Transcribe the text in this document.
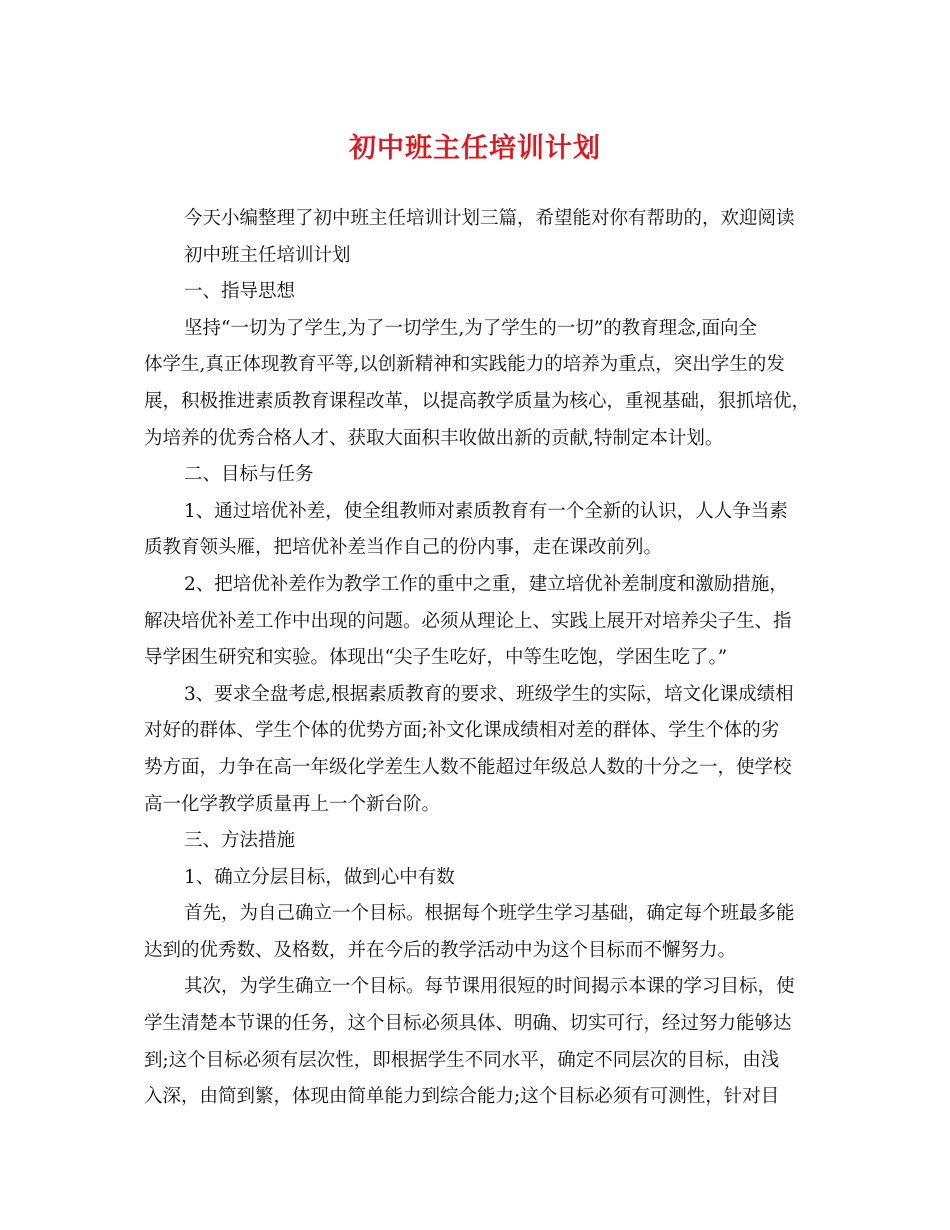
初中班主任培训计划
今天小编整理了初中班主任培训计划三篇，希望能对你有帮助的，欢迎阅读
初中班主任培训计划
一、指导思想
坚持“一切为了学生,为了一切学生,为了学生的一切”的教育理念,面向全
体学生,真正体现教育平等,以创新精神和实践能力的培养为重点，突出学生的发
展，积极推进素质教育课程改革，以提高教学质量为核心，重视基础，狠抓培优，
为培养的优秀合格人才、获取大面积丰收做出新的贡献,特制定本计划。
二、目标与任务
1、通过培优补差，使全组教师对素质教育有一个全新的认识，人人争当素
质教育领头雁，把培优补差当作自己的份内事，走在课改前列。
2、把培优补差作为教学工作的重中之重，建立培优补差制度和激励措施，
解决培优补差工作中出现的问题。必须从理论上、实践上展开对培养尖子生、指
导学困生研究和实验。体现出“尖子生吃好，中等生吃饱，学困生吃了。”
3、要求全盘考虑,根据素质教育的要求、班级学生的实际，培文化课成绩相
对好的群体、学生个体的优势方面;补文化课成绩相对差的群体、学生个体的劣
势方面，力争在高一年级化学差生人数不能超过年级总人数的十分之一，使学校
高一化学教学质量再上一个新台阶。
三、方法措施
1、确立分层目标，做到心中有数
首先，为自己确立一个目标。根据每个班学生学习基础，确定每个班最多能
达到的优秀数、及格数，并在今后的教学活动中为这个目标而不懈努力。
其次，为学生确立一个目标。每节课用很短的时间揭示本课的学习目标，使
学生清楚本节课的任务，这个目标必须具体、明确、切实可行，经过努力能够达
到;这个目标必须有层次性，即根据学生不同水平，确定不同层次的目标，由浅
入深，由简到繁，体现由简单能力到综合能力;这个目标必须有可测性，针对目
